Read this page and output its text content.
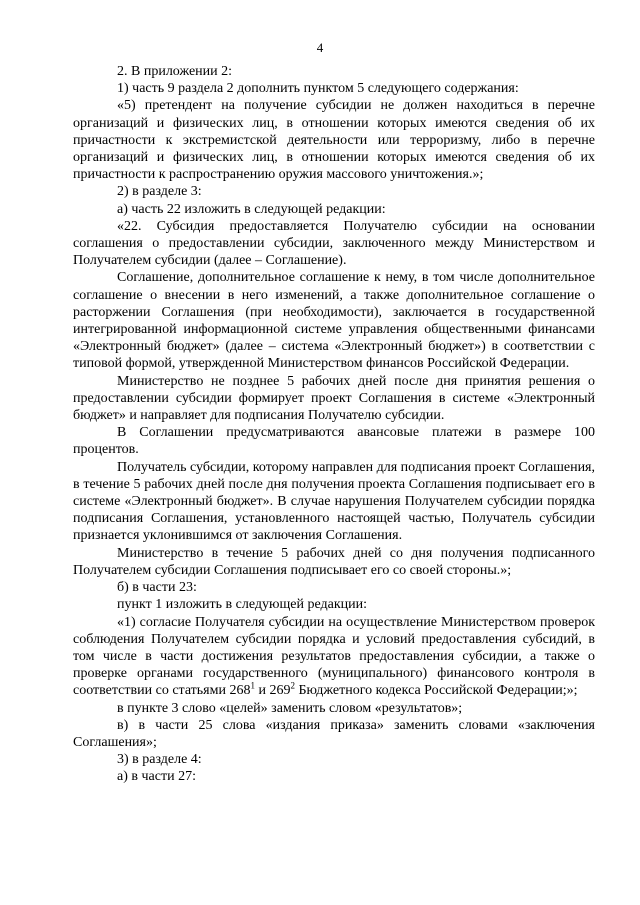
4

2. В приложении 2:

1) часть 9 раздела 2 дополнить пунктом 5 следующего содержания:

«5) претендент на получение субсидии не должен находиться в перечне организаций и физических лиц, в отношении которых имеются сведения об их причастности к экстремистской деятельности или терроризму, либо в перечне организаций и физических лиц, в отношении которых имеются сведения об их причастности к распространению оружия массового уничтожения.»;

2) в разделе 3:

а) часть 22 изложить в следующей редакции:

«22. Субсидия предоставляется Получателю субсидии на основании соглашения о предоставлении субсидии, заключенного между Министерством и Получателем субсидии (далее – Соглашение).

Соглашение, дополнительное соглашение к нему, в том числе дополнительное соглашение о внесении в него изменений, а также дополнительное соглашение о расторжении Соглашения (при необходимости), заключается в государственной интегрированной информационной системе управления общественными финансами «Электронный бюджет» (далее – система «Электронный бюджет») в соответствии с типовой формой, утвержденной Министерством финансов Российской Федерации.

Министерство не позднее 5 рабочих дней после дня принятия решения о предоставлении субсидии формирует проект Соглашения в системе «Электронный бюджет» и направляет для подписания Получателю субсидии.

В Соглашении предусматриваются авансовые платежи в размере 100 процентов.

Получатель субсидии, которому направлен для подписания проект Соглашения, в течение 5 рабочих дней после дня получения проекта Соглашения подписывает его в системе «Электронный бюджет». В случае нарушения Получателем субсидии порядка подписания Соглашения, установленного настоящей частью, Получатель субсидии признается уклонившимся от заключения Соглашения.

Министерство в течение 5 рабочих дней со дня получения подписанного Получателем субсидии Соглашения подписывает его со своей стороны.»;

б) в части 23:

пункт 1 изложить в следующей редакции:

«1) согласие Получателя субсидии на осуществление Министерством проверок соблюдения Получателем субсидии порядка и условий предоставления субсидий, в том числе в части достижения результатов предоставления субсидии, а также о проверке органами государственного (муниципального) финансового контроля в соответствии со статьями $268^1$ и $269^2$ Бюджетного кодекса Российской Федерации;»;

в пункте 3 слово «целей» заменить словом «результатов»;

в) в части 25 слова «издания приказа» заменить словами «заключения Соглашения»;

3) в разделе 4:

а) в части 27:
